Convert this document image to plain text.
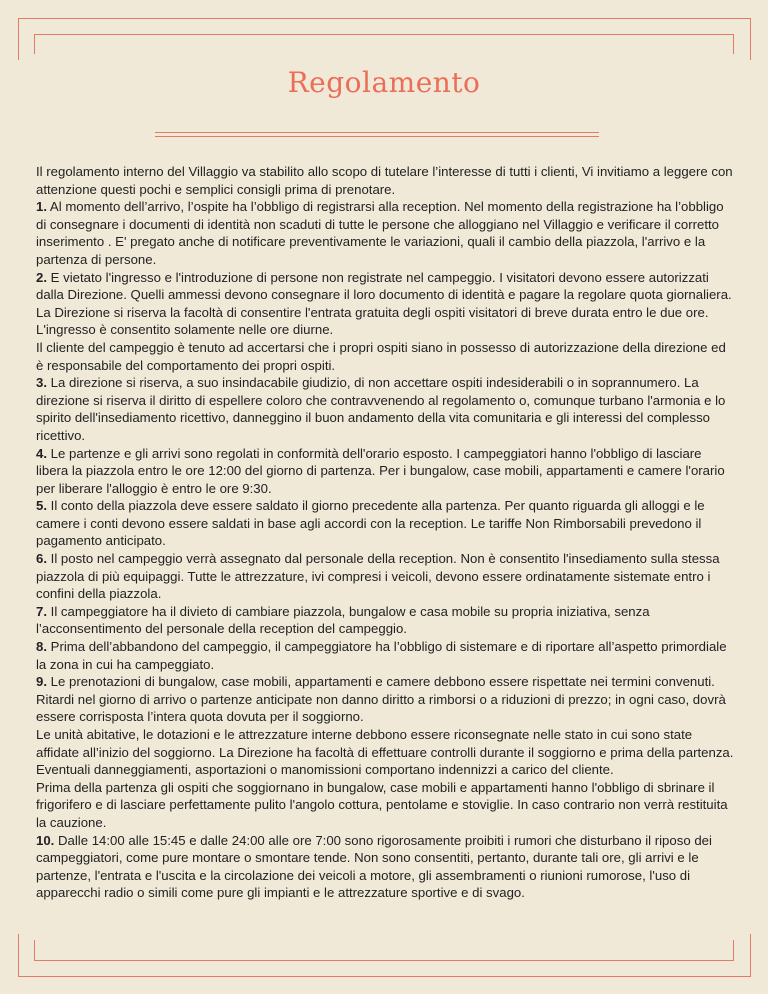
Regolamento

Il regolamento interno del Villaggio va stabilito allo scopo di tutelare l’interesse di tutti i clienti, Vi invitiamo a leggere con attenzione questi pochi e semplici consigli prima di prenotare.

1. Al momento dell’arrivo, l’ospite ha l’obbligo di registrarsi alla reception. Nel momento della registrazione ha l’obbligo di consegnare i documenti di identità non scaduti di tutte le persone che alloggiano nel Villaggio e verificare il corretto inserimento . E' pregato anche di notificare preventivamente le variazioni, quali il cambio della piazzola, l'arrivo e la partenza di persone.

2. E vietato l'ingresso e l'introduzione di persone non registrate nel campeggio. I visitatori devono essere autorizzati dalla Direzione. Quelli ammessi devono consegnare il loro documento di identità e pagare la regolare quota giornaliera. La Direzione si riserva la facoltà di consentire l'entrata gratuita degli ospiti visitatori di breve durata entro le due ore. L'ingresso è consentito solamente nelle ore diurne.

Il cliente del campeggio è tenuto ad accertarsi che i propri ospiti siano in possesso di autorizzazione della direzione ed è responsabile del comportamento dei propri ospiti.

3. La direzione si riserva, a suo insindacabile giudizio, di non accettare ospiti indesiderabili o in soprannumero. La direzione si riserva il diritto di espellere coloro che contravvenendo al regolamento o, comunque turbano l'armonia e lo spirito dell'insediamento ricettivo, danneggino il buon andamento della vita comunitaria e gli interessi del complesso ricettivo.

4. Le partenze e gli arrivi sono regolati in conformità dell'orario esposto. I campeggiatori hanno l'obbligo di lasciare libera la piazzola entro le ore 12:00 del giorno di partenza. Per i bungalow, case mobili, appartamenti e camere l'orario per liberare l'alloggio è entro le ore 9:30.

5. Il conto della piazzola deve essere saldato il giorno precedente alla partenza. Per quanto riguarda gli alloggi e le camere i conti devono essere saldati in base agli accordi con la reception. Le tariffe Non Rimborsabili prevedono il pagamento anticipato.

6. Il posto nel campeggio verrà assegnato dal personale della reception. Non è consentito l'insediamento sulla stessa piazzola di più equipaggi. Tutte le attrezzature, ivi compresi i veicoli, devono essere ordinatamente sistemate entro i confini della piazzola.

7. Il campeggiatore ha il divieto di cambiare piazzola, bungalow e casa mobile su propria iniziativa, senza l’acconsentimento del personale della reception del campeggio.

8. Prima dell’abbandono del campeggio, il campeggiatore ha l’obbligo di sistemare e di riportare all’aspetto primordiale la zona in cui ha campeggiato.

9. Le prenotazioni di bungalow, case mobili, appartamenti e camere debbono essere rispettate nei termini convenuti. Ritardi nel giorno di arrivo o partenze anticipate non danno diritto a rimborsi o a riduzioni di prezzo; in ogni caso, dovrà essere corrisposta l’intera quota dovuta per il soggiorno.

Le unità abitative, le dotazioni e le attrezzature interne debbono essere riconsegnate nelle stato in cui sono state affidate all’inizio del soggiorno. La Direzione ha facoltà di effettuare controlli durante il soggiorno e prima della partenza. Eventuali danneggiamenti, asportazioni o manomissioni comportano indennizzi a carico del cliente.

Prima della partenza gli ospiti che soggiornano in bungalow, case mobili e appartamenti hanno l'obbligo di sbrinare il frigorifero e di lasciare perfettamente pulito l'angolo cottura, pentolame e stoviglie. In caso contrario non verrà restituita la cauzione.

10. Dalle 14:00 alle 15:45 e dalle 24:00 alle ore 7:00 sono rigorosamente proibiti i rumori che disturbano il riposo dei campeggiatori, come pure montare o smontare tende. Non sono consentiti, pertanto, durante tali ore, gli arrivi e le partenze, l'entrata e l'uscita e la circolazione dei veicoli a motore, gli assembramenti o riunioni rumorose, l'uso di apparecchi radio o simili come pure gli impianti e le attrezzature sportive e di svago.
